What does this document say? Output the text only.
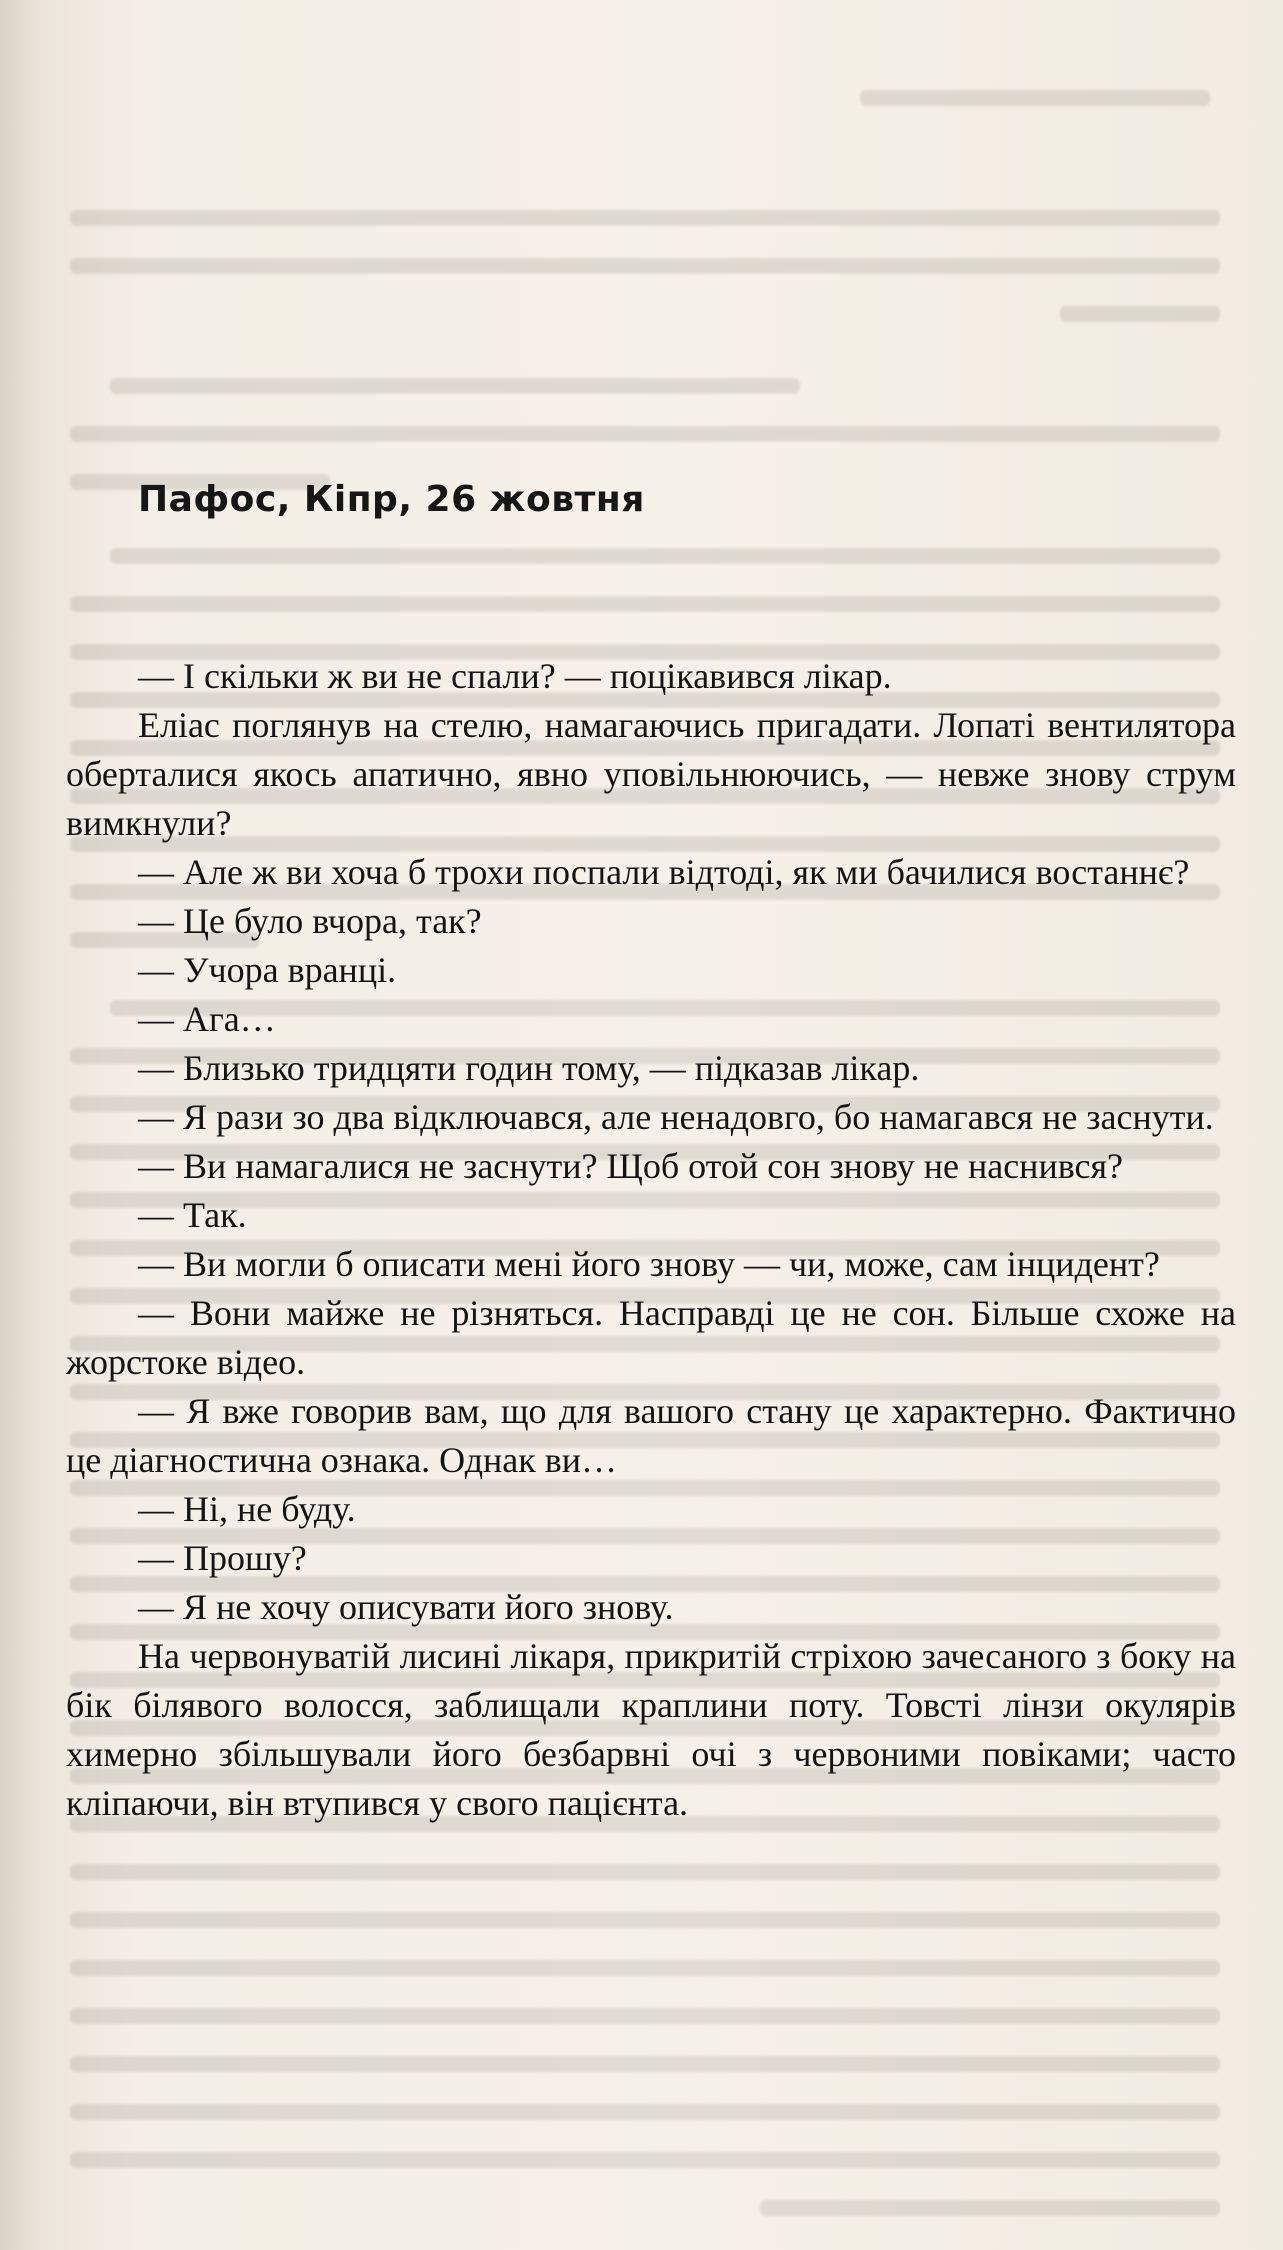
Пафос, Кіпр, 26 жовтня

— І скільки ж ви не спали? — поцікавився лікар.

Еліас поглянув на стелю, намагаючись пригадати. Лопаті вентилятора оберталися якось апатично, явно уповільнюючись, — невже знову струм вимкнули?

— Але ж ви хоча б трохи поспали відтоді, як ми бачилися востаннє?

— Це було вчора, так?

— Учора вранці.

— Ага…

— Близько тридцяти годин тому, — підказав лікар.

— Я рази зо два відключався, але ненадовго, бо намагався не заснути.

— Ви намагалися не заснути? Щоб отой сон знову не наснився?

— Так.

— Ви могли б описати мені його знову — чи, може, сам інцидент?

— Вони майже не різняться. Насправді це не сон. Більше схоже на жорстоке відео.

— Я вже говорив вам, що для вашого стану це характерно. Фактично це діагностична ознака. Однак ви…

— Ні, не буду.

— Прошу?

— Я не хочу описувати його знову.

На червонуватій лисині лікаря, прикритій стріхою зачесаного з боку на бік білявого волосся, заблищали краплини поту. Товсті лінзи окулярів химерно збільшували його безбарвні очі з червоними повіками; часто кліпаючи, він втупився у свого пацієнта.
